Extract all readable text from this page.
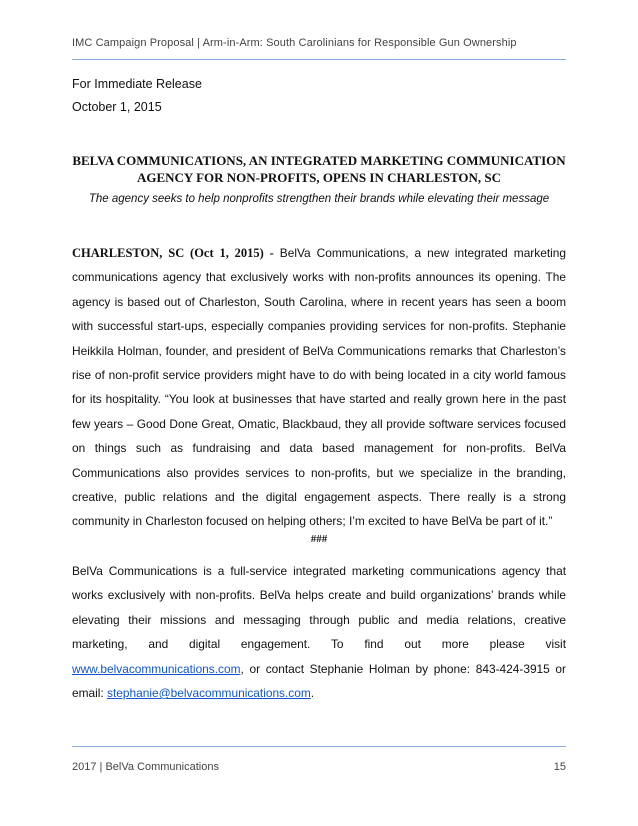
IMC Campaign Proposal | Arm-in-Arm: South Carolinians for Responsible Gun Ownership
For Immediate Release
October 1, 2015
BELVA COMMUNICATIONS, AN INTEGRATED MARKETING COMMUNICATION AGENCY FOR NON-PROFITS, OPENS IN CHARLESTON, SC
The agency seeks to help nonprofits strengthen their brands while elevating their message
CHARLESTON, SC (Oct 1, 2015) - BelVa Communications, a new integrated marketing communications agency that exclusively works with non-profits announces its opening. The agency is based out of Charleston, South Carolina, where in recent years has seen a boom with successful start-ups, especially companies providing services for non-profits. Stephanie Heikkila Holman, founder, and president of BelVa Communications remarks that Charleston’s rise of non-profit service providers might have to do with being located in a city world famous for its hospitality. “You look at businesses that have started and really grown here in the past few years – Good Done Great, Omatic, Blackbaud, they all provide software services focused on things such as fundraising and data based management for non-profits. BelVa Communications also provides services to non-profits, but we specialize in the branding, creative, public relations and the digital engagement aspects. There really is a strong community in Charleston focused on helping others; I’m excited to have BelVa be part of it.”
###
BelVa Communications is a full-service integrated marketing communications agency that works exclusively with non-profits. BelVa helps create and build organizations’ brands while elevating their missions and messaging through public and media relations, creative marketing, and digital engagement. To find out more please visit www.belvacommunications.com, or contact Stephanie Holman by phone: 843-424-3915 or email: stephanie@belvacommunications.com.
2017 | BelVa Communications	15
